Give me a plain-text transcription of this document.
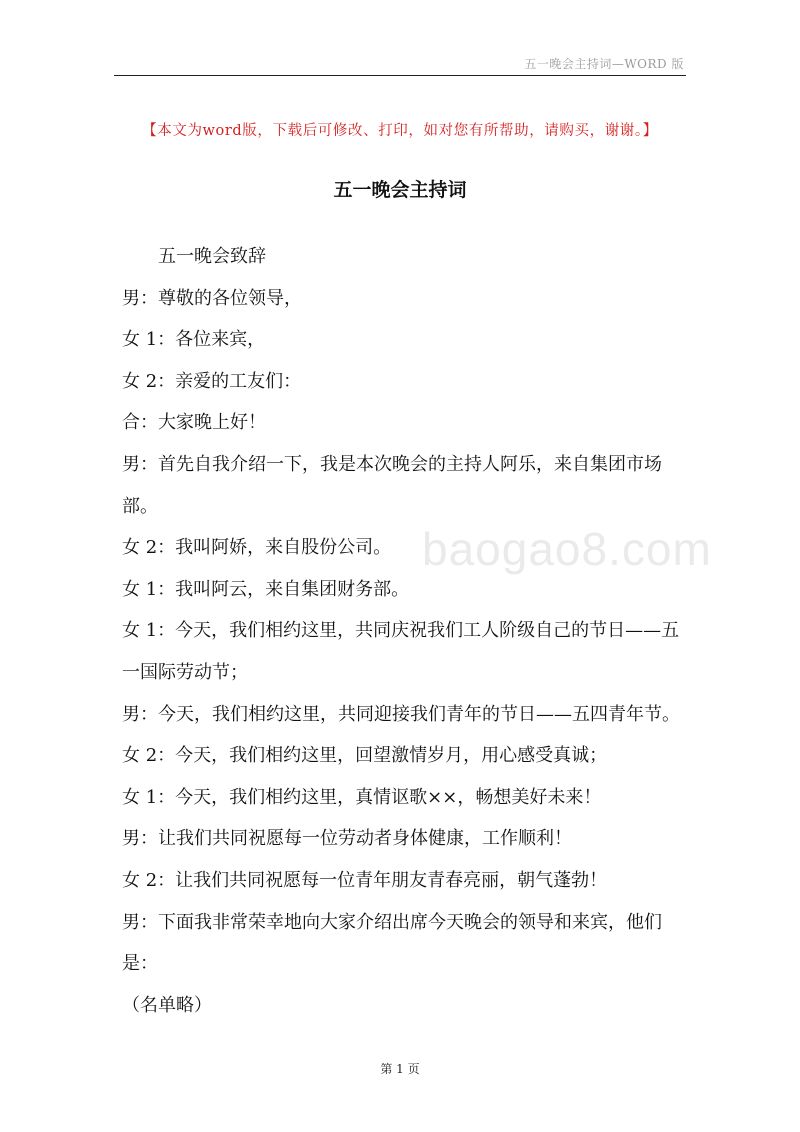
五一晚会主持词—WORD 版
【本文为word版，下载后可修改、打印，如对您有所帮助，请购买，谢谢。】
五一晚会主持词
baogao8.com

五一晚会致辞

男：尊敬的各位领导，

女 1：各位来宾，

女 2：亲爱的工友们：

合：大家晚上好！

男：首先自我介绍一下，我是本次晚会的主持人阿乐，来自集团市场部。

女 2：我叫阿娇，来自股份公司。

女 1：我叫阿云，来自集团财务部。

女 1：今天，我们相约这里，共同庆祝我们工人阶级自己的节日——五一国际劳动节；

男：今天，我们相约这里，共同迎接我们青年的节日——五四青年节。

女 2：今天，我们相约这里，回望激情岁月，用心感受真诚；

女 1：今天，我们相约这里，真情讴歌××，畅想美好未来！

男：让我们共同祝愿每一位劳动者身体健康，工作顺利！

女 2：让我们共同祝愿每一位青年朋友青春亮丽，朝气蓬勃！

男：下面我非常荣幸地向大家介绍出席今天晚会的领导和来宾，他们是：

（名单略）

第 1 页
